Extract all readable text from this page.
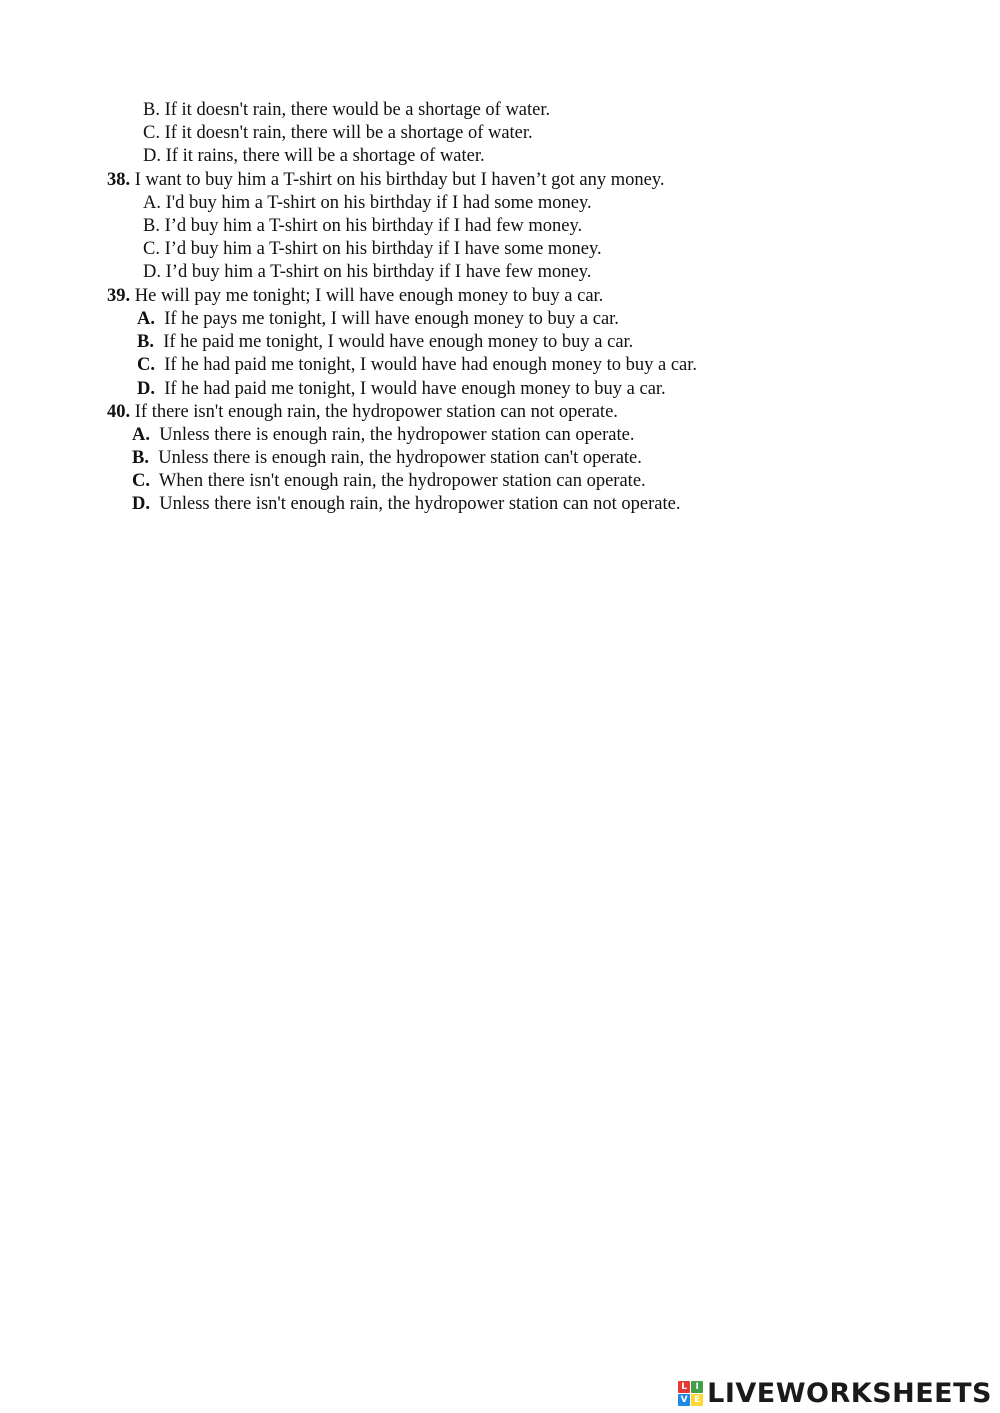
B. If it doesn't rain, there would be a shortage of water.
C. If it doesn't rain, there will be a shortage of water.
D. If it rains, there will be a shortage of water.
38. I want to buy him a T-shirt on his birthday but I haven’t got any money.
A. I'd buy him a T-shirt on his birthday if I had some money.
B. I’d buy him a T-shirt on his birthday if I had few money.
C. I’d buy him a T-shirt on his birthday if I have some money.
D. I’d buy him a T-shirt on his birthday if I have few money.
39. He will pay me tonight; I will have enough money to buy a car.
A. If he pays me tonight, I will have enough money to buy a car.
B. If he paid me tonight, I would have enough money to buy a car.
C. If he had paid me tonight, I would have had enough money to buy a car.
D. If he had paid me tonight, I would have enough money to buy a car.
40. If there isn't enough rain, the hydropower station can not operate.
A. Unless there is enough rain, the hydropower station can operate.
B. Unless there is enough rain, the hydropower station can't operate.
C. When there isn't enough rain, the hydropower station can operate.
D. Unless there isn't enough rain, the hydropower station can not operate.
L I
V E LIVEWORKSHEETS
